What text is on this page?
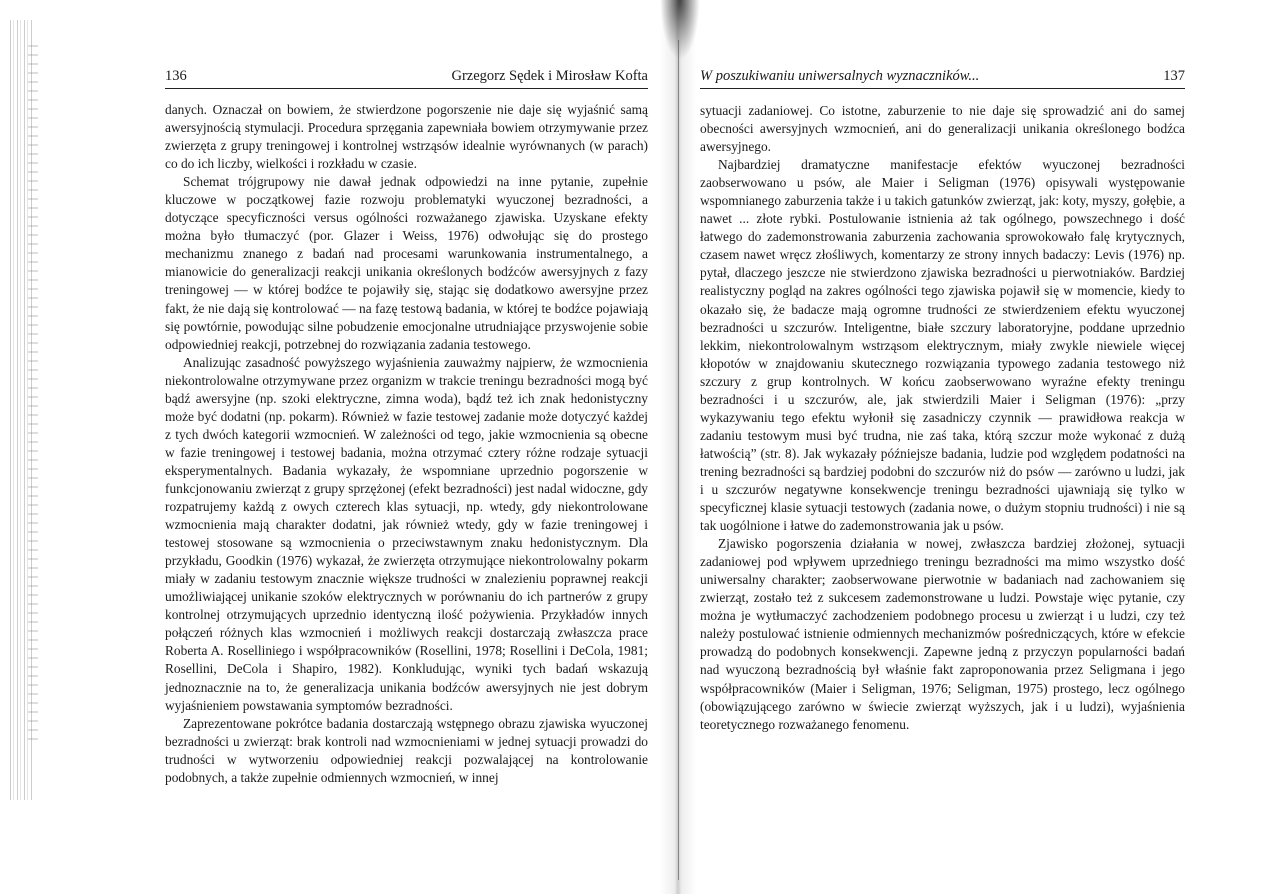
136	Grzegorz Sędek i Mirosław Kofta

danych. Oznaczał on bowiem, że stwierdzone pogorszenie nie daje się wyjaśnić samą awersyjnością stymulacji. Procedura sprzęgania zapewniała bowiem otrzymywanie przez zwierzęta z grupy treningowej i kontrolnej wstrząsów idealnie wyrównanych (w parach) co do ich liczby, wielkości i rozkładu w czasie.

Schemat trójgrupowy nie dawał jednak odpowiedzi na inne pytanie, zupełnie kluczowe w początkowej fazie rozwoju problematyki wyuczonej bezradności, a dotyczące specyficzności versus ogólności rozważanego zjawiska. Uzyskane efekty można było tłumaczyć (por. Glazer i Weiss, 1976) odwołując się do prostego mechanizmu znanego z badań nad procesami warunkowania instrumentalnego, a mianowicie do generalizacji reakcji unikania określonych bodźców awersyjnych z fazy treningowej — w której bodźce te pojawiły się, stając się dodatkowo awersyjne przez fakt, że nie dają się kontrolować — na fazę testową badania, w której te bodźce pojawiają się powtórnie, powodując silne pobudzenie emocjonalne utrudniające przyswojenie sobie odpowiedniej reakcji, potrzebnej do rozwiązania zadania testowego.

Analizując zasadność powyższego wyjaśnienia zauważmy najpierw, że wzmocnienia niekontrolowalne otrzymywane przez organizm w trakcie treningu bezradności mogą być bądź awersyjne (np. szoki elektryczne, zimna woda), bądź też ich znak hedonistyczny może być dodatni (np. pokarm). Również w fazie testowej zadanie może dotyczyć każdej z tych dwóch kategorii wzmocnień. W zależności od tego, jakie wzmocnienia są obecne w fazie treningowej i testowej badania, można otrzymać cztery różne rodzaje sytuacji eksperymentalnych. Badania wykazały, że wspomniane uprzednio pogorszenie w funkcjonowaniu zwierząt z grupy sprzężonej (efekt bezradności) jest nadal widoczne, gdy rozpatrujemy każdą z owych czterech klas sytuacji, np. wtedy, gdy niekontrolowane wzmocnienia mają charakter dodatni, jak również wtedy, gdy w fazie treningowej i testowej stosowane są wzmocnienia o przeciwstawnym znaku hedonistycznym. Dla przykładu, Goodkin (1976) wykazał, że zwierzęta otrzymujące niekontrolowalny pokarm miały w zadaniu testowym znacznie większe trudności w znalezieniu poprawnej reakcji umożliwiającej unikanie szoków elektrycznych w porównaniu do ich partnerów z grupy kontrolnej otrzymujących uprzednio identyczną ilość pożywienia. Przykładów innych połączeń różnych klas wzmocnień i możliwych reakcji dostarczają zwłaszcza prace Roberta A. Roselliniego i współpracowników (Rosellini, 1978; Rosellini i DeCola, 1981; Rosellini, DeCola i Shapiro, 1982). Konkludując, wyniki tych badań wskazują jednoznacznie na to, że generalizacja unikania bodźców awersyjnych nie jest dobrym wyjaśnieniem powstawania symptomów bezradności.

Zaprezentowane pokrótce badania dostarczają wstępnego obrazu zjawiska wyuczonej bezradności u zwierząt: brak kontroli nad wzmocnieniami w jednej sytuacji prowadzi do trudności w wytworzeniu odpowiedniej reakcji pozwalającej na kontrolowanie podobnych, a także zupełnie odmiennych wzmocnień, w innej

W poszukiwaniu uniwersalnych wyznaczników...	137

sytuacji zadaniowej. Co istotne, zaburzenie to nie daje się sprowadzić ani do samej obecności awersyjnych wzmocnień, ani do generalizacji unikania określonego bodźca awersyjnego.

Najbardziej dramatyczne manifestacje efektów wyuczonej bezradności zaobserwowano u psów, ale Maier i Seligman (1976) opisywali występowanie wspomnianego zaburzenia także i u takich gatunków zwierząt, jak: koty, myszy, gołębie, a nawet ... złote rybki. Postulowanie istnienia aż tak ogólnego, powszechnego i dość łatwego do zademonstrowania zaburzenia zachowania sprowokowało falę krytycznych, czasem nawet wręcz złośliwych, komentarzy ze strony innych badaczy: Levis (1976) np. pytał, dlaczego jeszcze nie stwierdzono zjawiska bezradności u pierwotniaków. Bardziej realistyczny pogląd na zakres ogólności tego zjawiska pojawił się w momencie, kiedy to okazało się, że badacze mają ogromne trudności ze stwierdzeniem efektu wyuczonej bezradności u szczurów. Inteligentne, białe szczury laboratoryjne, poddane uprzednio lekkim, niekontrolowalnym wstrząsom elektrycznym, miały zwykle niewiele więcej kłopotów w znajdowaniu skutecznego rozwiązania typowego zadania testowego niż szczury z grup kontrolnych. W końcu zaobserwowano wyraźne efekty treningu bezradności i u szczurów, ale, jak stwierdzili Maier i Seligman (1976): „przy wykazywaniu tego efektu wyłonił się zasadniczy czynnik — prawidłowa reakcja w zadaniu testowym musi być trudna, nie zaś taka, którą szczur może wykonać z dużą łatwością” (str. 8). Jak wykazały późniejsze badania, ludzie pod względem podatności na trening bezradności są bardziej podobni do szczurów niż do psów — zarówno u ludzi, jak i u szczurów negatywne konsekwencje treningu bezradności ujawniają się tylko w specyficznej klasie sytuacji testowych (zadania nowe, o dużym stopniu trudności) i nie są tak uogólnione i łatwe do zademonstrowania jak u psów.

Zjawisko pogorszenia działania w nowej, zwłaszcza bardziej złożonej, sytuacji zadaniowej pod wpływem uprzedniego treningu bezradności ma mimo wszystko dość uniwersalny charakter; zaobserwowane pierwotnie w badaniach nad zachowaniem się zwierząt, zostało też z sukcesem zademonstrowane u ludzi. Powstaje więc pytanie, czy można je wytłumaczyć zachodzeniem podobnego procesu u zwierząt i u ludzi, czy też należy postulować istnienie odmiennych mechanizmów pośredniczących, które w efekcie prowadzą do podobnych konsekwencji. Zapewne jedną z przyczyn popularności badań nad wyuczoną bezradnością był właśnie fakt zaproponowania przez Seligmana i jego współpracowników (Maier i Seligman, 1976; Seligman, 1975) prostego, lecz ogólnego (obowiązującego zarówno w świecie zwierząt wyższych, jak i u ludzi), wyjaśnienia teoretycznego rozważanego fenomenu.
